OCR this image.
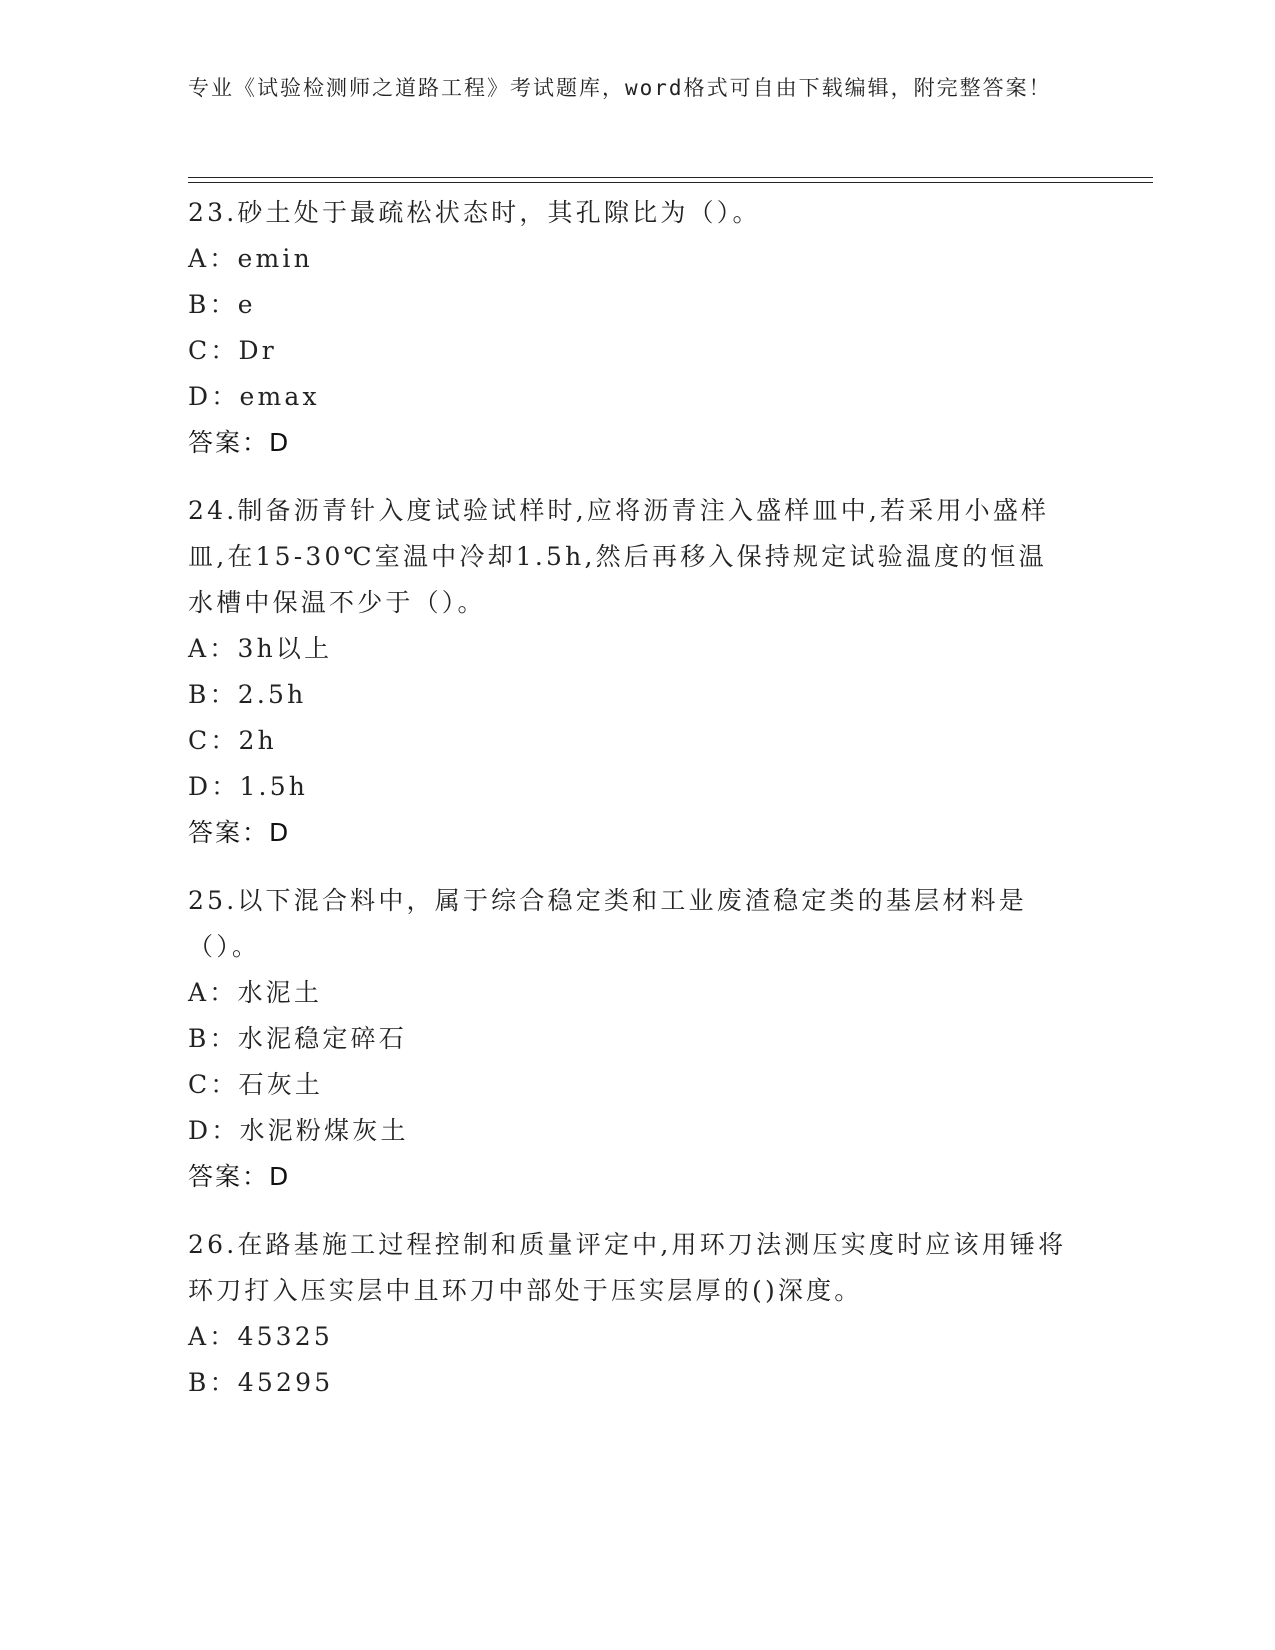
专业《试验检测师之道路工程》考试题库，word格式可自由下载编辑，附完整答案！
23.砂土处于最疏松状态时，其孔隙比为（）。
A：emin
B：e
C：Dr
D：emax
答案：D
24.制备沥青针入度试验试样时,应将沥青注入盛样皿中,若采用小盛样皿,在15-30℃室温中冷却1.5h,然后再移入保持规定试验温度的恒温水槽中保温不少于（）。
A：3h以上
B：2.5h
C：2h
D：1.5h
答案：D
25.以下混合料中，属于综合稳定类和工业废渣稳定类的基层材料是（）。
A：水泥土
B：水泥稳定碎石
C：石灰土
D：水泥粉煤灰土
答案：D
26.在路基施工过程控制和质量评定中,用环刀法测压实度时应该用锤将环刀打入压实层中且环刀中部处于压实层厚的()深度。
A：45325
B：45295
